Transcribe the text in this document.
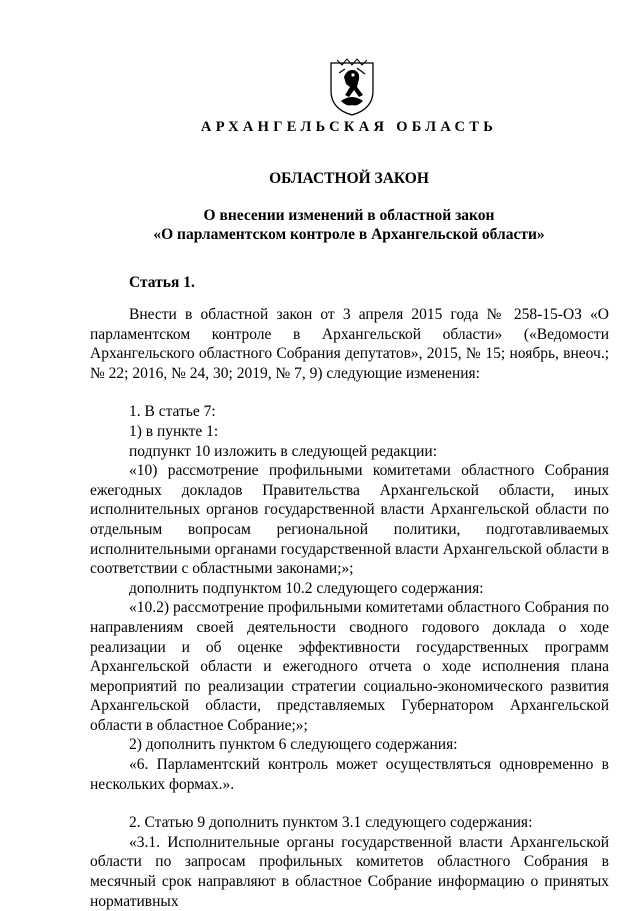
АРХАНГЕЛЬСКАЯ ОБЛАСТЬ
ОБЛАСТНОЙ ЗАКОН
О внесении изменений в областной закон
«О парламентском контроле в Архангельской области»
Статья 1.

Внести в областной закон от 3 апреля 2015 года № 258-15-ОЗ «О парламентском контроле в Архангельской области» («Ведомости Архангельского областного Собрания депутатов», 2015, № 15; ноябрь, внеоч.; № 22; 2016, № 24, 30; 2019, № 7, 9) следующие изменения:

1. В статье 7:

1) в пункте 1:

подпункт 10 изложить в следующей редакции:

«10) рассмотрение профильными комитетами областного Собрания ежегодных докладов Правительства Архангельской области, иных исполнительных органов государственной власти Архангельской области по отдельным вопросам региональной политики, подготавливаемых исполнительными органами государственной власти Архангельской области в соответствии с областными законами;»;

дополнить подпунктом 10.2 следующего содержания:

«10.2) рассмотрение профильными комитетами областного Собрания по направлениям своей деятельности сводного годового доклада о ходе реализации и об оценке эффективности государственных программ Архангельской области и ежегодного отчета о ходе исполнения плана мероприятий по реализации стратегии социально-экономического развития Архангельской области, представляемых Губернатором Архангельской области в областное Собрание;»;

2) дополнить пунктом 6 следующего содержания:

«6. Парламентский контроль может осуществляться одновременно в нескольких формах.».

2. Статью 9 дополнить пунктом 3.1 следующего содержания:

«3.1. Исполнительные органы государственной власти Архангельской области по запросам профильных комитетов областного Собрания в месячный срок направляют в областное Собрание информацию о принятых нормативных
